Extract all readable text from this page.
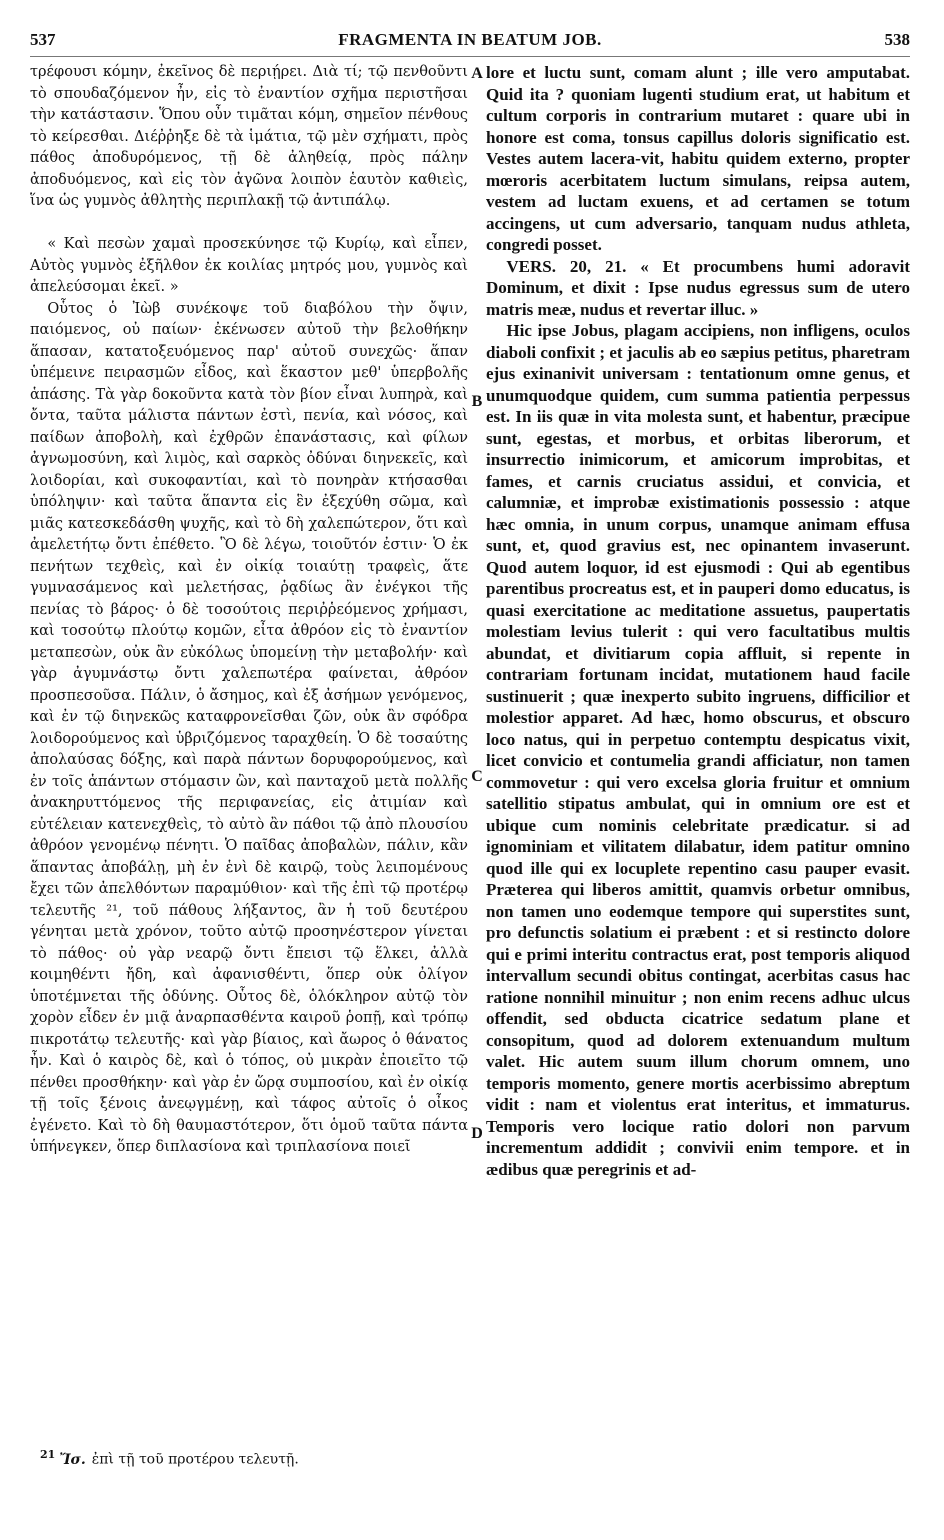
537	FRAGMENTA IN BEATUM JOB.	538

τρέφουσι κόμην, ἐκεῖνος δὲ περιῄρει. Διὰ τί; τῷ πενθοῦντι τὸ σπουδαζόμενον ἦν, εἰς τὸ ἐναντίον σχῆμα περιστῆσαι τὴν κατάστασιν. Ὅπου οὖν τιμᾶται κόμη, σημεῖον πένθους τὸ κείρεσθαι. Διέῤῥηξε δὲ τὰ ἱμάτια, τῷ μὲν σχήματι, πρὸς πάθος ἀποδυρόμενος, τῇ δὲ ἀληθείᾳ, πρὸς πάλην ἀποδυόμενος, καὶ εἰς τὸν ἀγῶνα λοιπὸν ἑαυτὸν καθιεὶς, ἵνα ὡς γυμνὸς ἀθλητὴς περιπλακῇ τῷ ἀντιπάλῳ.

« Καὶ πεσὼν χαμαὶ προσεκύνησε τῷ Κυρίῳ, καὶ εἶπεν, Αὐτὸς γυμνὸς ἐξῆλθον ἐκ κοιλίας μητρός μου, γυμνὸς καὶ ἀπελεύσομαι ἐκεῖ. »

Οὗτος ὁ Ἰὼβ συνέκοψε τοῦ διαβόλου τὴν ὄψιν, παιόμενος, οὐ παίων· ἐκένωσεν αὐτοῦ τὴν βελοθήκην ἅπασαν, κατατοξευόμενος παρ' αὐτοῦ συνεχῶς· ἅπαν ὑπέμεινε πειρασμῶν εἶδος, καὶ ἕκαστον μεθ' ὑπερβολῆς ἁπάσης. Τὰ γὰρ δοκοῦντα κατὰ τὸν βίον εἶναι λυπηρὰ, καὶ ὄντα, ταῦτα μάλιστα πάντων ἐστὶ, πενία, καὶ νόσος, καὶ παίδων ἀποβολὴ, καὶ ἐχθρῶν ἐπανάστασις, καὶ φίλων ἀγνωμοσύνη, καὶ λιμὸς, καὶ σαρκὸς ὀδύναι διηνεκεῖς, καὶ λοιδορίαι, καὶ συκοφαντίαι, καὶ τὸ πονηρὰν κτήσασθαι ὑπόληψιν· καὶ ταῦτα ἅπαντα εἰς ἓν ἐξεχύθη σῶμα, καὶ μιᾶς κατεσκεδάσθη ψυχῆς, καὶ τὸ δὴ χαλεπώτερον, ὅτι καὶ ἀμελετήτῳ ὄντι ἐπέθετο. Ὃ δὲ λέγω, τοιοῦτόν ἐστιν· Ὁ ἐκ πενήτων τεχθεὶς, καὶ ἐν οἰκίᾳ τοιαύτῃ τραφεὶς, ἅτε γυμνασάμενος καὶ μελετήσας, ῥᾳδίως ἂν ἐνέγκοι τῆς πενίας τὸ βάρος· ὁ δὲ τοσούτοις περιῤῥεόμενος χρήμασι, καὶ τοσούτῳ πλούτῳ κομῶν, εἶτα ἀθρόον εἰς τὸ ἐναντίον μεταπεσὼν, οὐκ ἂν εὐκόλως ὑπομείνῃ τὴν μεταβολήν· καὶ γὰρ ἀγυμνάστῳ ὄντι χαλεπωτέρα φαίνεται, ἀθρόον προσπεσοῦσα. Πάλιν, ὁ ἄσημος, καὶ ἐξ ἀσήμων γενόμενος, καὶ ἐν τῷ διηνεκῶς καταφρονεῖσθαι ζῶν, οὐκ ἂν σφόδρα λοιδορούμενος καὶ ὑβριζόμενος ταραχθείη. Ὁ δὲ τοσαύτης ἀπολαύσας δόξης, καὶ παρὰ πάντων δορυφορούμενος, καὶ ἐν τοῖς ἁπάντων στόμασιν ὢν, καὶ πανταχοῦ μετὰ πολλῆς ἀνακηρυττόμενος τῆς περιφανείας, εἰς ἀτιμίαν καὶ εὐτέλειαν κατενεχθεὶς, τὸ αὐτὸ ἂν πάθοι τῷ ἀπὸ πλουσίου ἀθρόον γενομένῳ πένητι. Ὁ παῖδας ἀποβαλὼν, πάλιν, κἂν ἅπαντας ἀποβάλῃ, μὴ ἐν ἑνὶ δὲ καιρῷ, τοὺς λειπομένους ἔχει τῶν ἀπελθόντων παραμύθιον· καὶ τῆς ἐπὶ τῷ προτέρῳ τελευτῆς ²¹, τοῦ πάθους λήξαντος, ἂν ἡ τοῦ δευτέρου γένηται μετὰ χρόνον, τοῦτο αὐτῷ προσηνέστερον γίνεται τὸ πάθος· οὐ γὰρ νεαρῷ ὄντι ἔπεισι τῷ ἕλκει, ἀλλὰ κοιμηθέντι ἤδη, καὶ ἀφανισθέντι, ὅπερ οὐκ ὀλίγον ὑποτέμνεται τῆς ὀδύνης. Οὗτος δὲ, ὁλόκληρον αὐτῷ τὸν χορὸν εἶδεν ἐν μιᾷ ἀναρπασθέντα καιροῦ ῥοπῇ, καὶ τρόπῳ πικροτάτῳ τελευτῆς· καὶ γὰρ βίαιος, καὶ ἄωρος ὁ θάνατος ἦν. Καὶ ὁ καιρὸς δὲ, καὶ ὁ τόπος, οὐ μικρὰν ἐποιεῖτο τῷ πένθει προσθήκην· καὶ γὰρ ἐν ὥρᾳ συμποσίου, καὶ ἐν οἰκίᾳ τῇ τοῖς ξένοις ἀνεῳγμένῃ, καὶ τάφος αὐτοῖς ὁ οἶκος ἐγένετο. Καὶ τὸ δὴ θαυμαστότερον, ὅτι ὁμοῦ ταῦτα πάντα ὑπήνεγκεν, ὅπερ διπλασίονα καὶ τριπλασίονα ποιεῖ

A
B
C
D

lore et luctu sunt, comam alunt ; ille vero amputabat. Quid ita ? quoniam lugenti studium erat, ut habitum et cultum corporis in contrarium mutaret : quare ubi in honore est coma, tonsus capillus doloris significatio est. Vestes autem lacera-vit, habitu quidem externo, propter mœroris acerbitatem luctum simulans, reipsa autem, vestem ad luctam exuens, et ad certamen se totum accingens, ut cum adversario, tanquam nudus athleta, congredi posset.

VERS. 20, 21. « Et procumbens humi adoravit Dominum, et dixit : Ipse nudus egressus sum de utero matris meæ, nudus et revertar illuc. »

Hic ipse Jobus, plagam accipiens, non infligens, oculos diaboli confixit ; et jaculis ab eo sæpius petitus, pharetram ejus exinanivit universam : tentationum omne genus, et unumquodque quidem, cum summa patientia perpessus est. In iis quæ in vita molesta sunt, et habentur, præcipue sunt, egestas, et morbus, et orbitas liberorum, et insurrectio inimicorum, et amicorum improbitas, et fames, et carnis cruciatus assidui, et convicia, et calumniæ, et improbæ existimationis possessio : atque hæc omnia, in unum corpus, unamque animam effusa sunt, et, quod gravius est, nec opinantem invaserunt. Quod autem loquor, id est ejusmodi : Qui ab egentibus parentibus procreatus est, et in pauperi domo educatus, is quasi exercitatione ac meditatione assuetus, paupertatis molestiam levius tulerit : qui vero facultatibus multis abundat, et divitiarum copia affluit, si repente in contrariam fortunam incidat, mutationem haud facile sustinuerit ; quæ inexperto subito ingruens, difficilior et molestior apparet. Ad hæc, homo obscurus, et obscuro loco natus, qui in perpetuo contemptu despicatus vixit, licet convicio et contumelia grandi afficiatur, non tamen commovetur : qui vero excelsa gloria fruitur et omnium satellitio stipatus ambulat, qui in omnium ore est et ubique cum nominis celebritate prædicatur. si ad ignominiam et vilitatem dilabatur, idem patitur omnino quod ille qui ex locuplete repentino casu pauper evasit. Præterea qui liberos amittit, quamvis orbetur omnibus, non tamen uno eodemque tempore qui superstites sunt, pro defunctis solatium ei præbent : et si restincto dolore qui e primi interitu contractus erat, post temporis aliquod intervallum secundi obitus contingat, acerbitas casus hac ratione nonnihil minuitur ; non enim recens adhuc ulcus offendit, sed obducta cicatrice sedatum plane et consopitum, quod ad dolorem extenuandum multum valet. Hic autem suum illum chorum omnem, uno temporis momento, genere mortis acerbissimo abreptum vidit : nam et violentus erat interitus, et immaturus. Temporis vero locique ratio dolori non parvum incrementum addidit ; convivii enim tempore. et in ædibus quæ peregrinis et ad-

$^{21}$ Ἴσ. ἐπὶ τῇ τοῦ προτέρου τελευτῇ.
